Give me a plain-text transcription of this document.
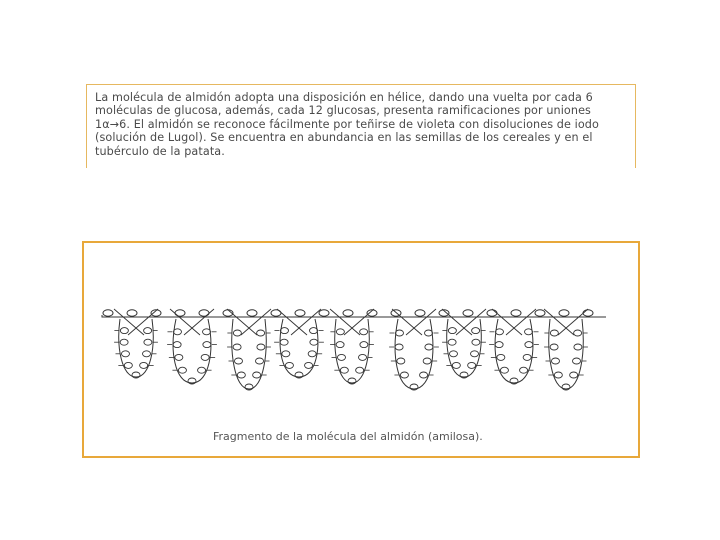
La molécula de almidón adopta una disposición en hélice, dando una vuelta por cada 6 moléculas de glucosa, además, cada 12 glucosas, presenta ramificaciones por uniones 1α→6. El almidón se reconoce fácilmente por teñirse de violeta con disoluciones de iodo (solución de Lugol). Se encuentra en abundancia en las semillas de los cereales y en el tubérculo de la patata.

Fragmento de la molécula del almidón (amilosa).
